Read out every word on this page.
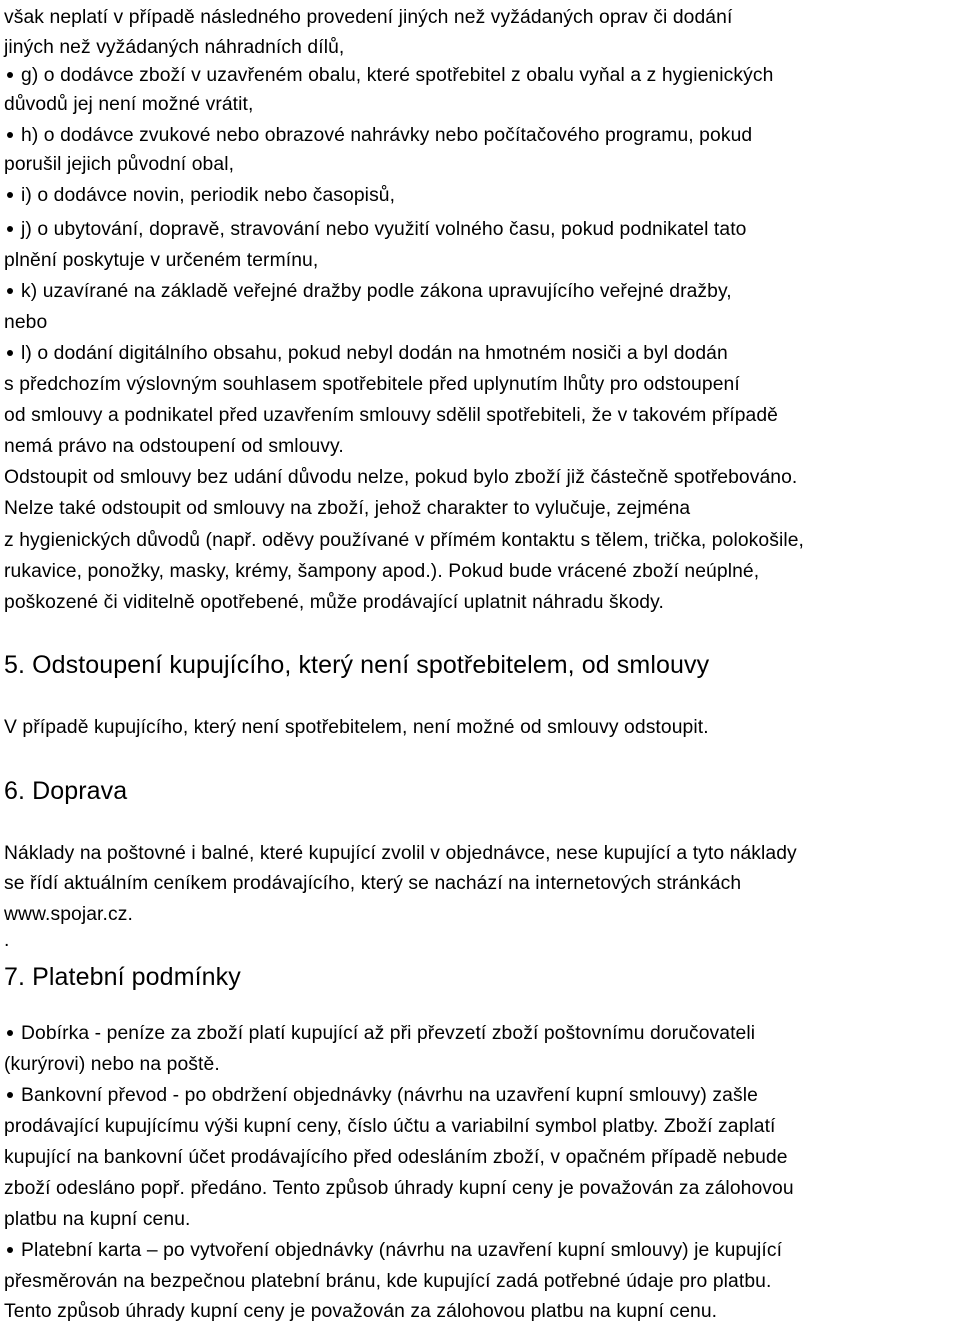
však neplatí v případě následného provedení jiných než vyžádaných oprav či dodání
jiných než vyžádaných náhradních dílů,
g) o dodávce zboží v uzavřeném obalu, které spotřebitel z obalu vyňal a z hygienických
důvodů jej není možné vrátit,
h) o dodávce zvukové nebo obrazové nahrávky nebo počítačového programu, pokud
porušil jejich původní obal,
i) o dodávce novin, periodik nebo časopisů,
j) o ubytování, dopravě, stravování nebo využití volného času, pokud podnikatel tato
plnění poskytuje v určeném termínu,
k) uzavírané na základě veřejné dražby podle zákona upravujícího veřejné dražby,
nebo
l) o dodání digitálního obsahu, pokud nebyl dodán na hmotném nosiči a byl dodán
s předchozím výslovným souhlasem spotřebitele před uplynutím lhůty pro odstoupení
od smlouvy a podnikatel před uzavřením smlouvy sdělil spotřebiteli, že v takovém případě
nemá právo na odstoupení od smlouvy.
Odstoupit od smlouvy bez udání důvodu nelze, pokud bylo zboží již částečně spotřebováno.
Nelze také odstoupit od smlouvy na zboží, jehož charakter to vylučuje, zejména
z hygienických důvodů (např. oděvy používané v přímém kontaktu s tělem, trička, polokošile,
rukavice, ponožky, masky, krémy, šampony apod.). Pokud bude vrácené zboží neúplné,
poškozené či viditelně opotřebené, může prodávající uplatnit náhradu škody.
5. Odstoupení kupujícího, který není spotřebitelem, od smlouvy
V případě kupujícího, který není spotřebitelem, není možné od smlouvy odstoupit.
6. Doprava
Náklady na poštovné i balné, které kupující zvolil v objednávce, nese kupující a tyto náklady
se řídí aktuálním ceníkem prodávajícího, který se nachází na internetových stránkách
www.spojar.cz.
.
7. Platební podmínky
Dobírka - peníze za zboží platí kupující až při převzetí zboží poštovnímu doručovateli
(kurýrovi) nebo na poště.
Bankovní převod - po obdržení objednávky (návrhu na uzavření kupní smlouvy) zašle
prodávající kupujícímu výši kupní ceny, číslo účtu a variabilní symbol platby. Zboží zaplatí
kupující na bankovní účet prodávajícího před odesláním zboží, v opačném případě nebude
zboží odesláno popř. předáno. Tento způsob úhrady kupní ceny je považován za zálohovou
platbu na kupní cenu.
Platební karta – po vytvoření objednávky (návrhu na uzavření kupní smlouvy) je kupující
přesměrován na bezpečnou platební bránu, kde kupující zadá potřebné údaje pro platbu.
Tento způsob úhrady kupní ceny je považován za zálohovou platbu na kupní cenu.
